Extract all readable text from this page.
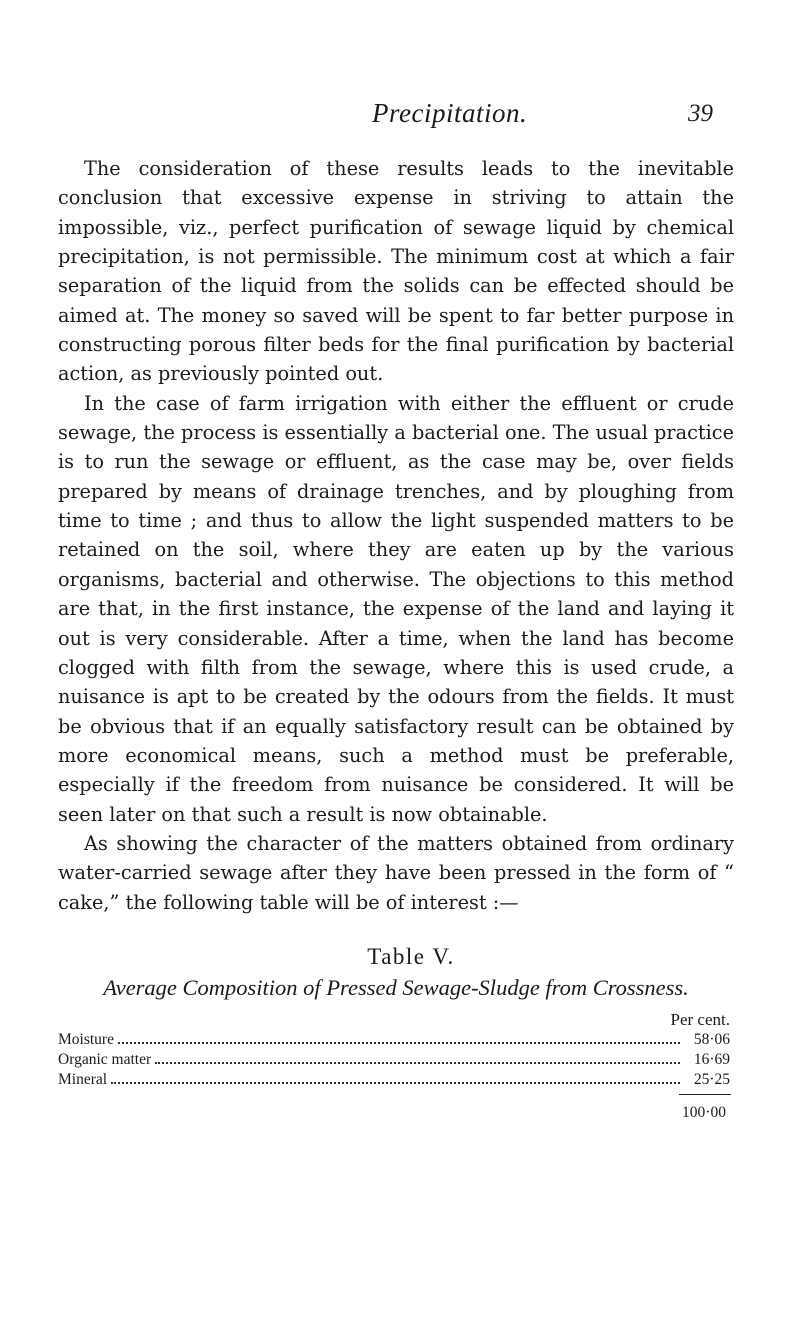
Precipitation.	39

The consideration of these results leads to the inevitable conclusion that excessive expense in striving to attain the impossible, viz., perfect purification of sewage liquid by chemical precipitation, is not permissible. The minimum cost at which a fair separation of the liquid from the solids can be effected should be aimed at. The money so saved will be spent to far better purpose in constructing porous filter beds for the final purification by bacterial action, as previously pointed out.

In the case of farm irrigation with either the effluent or crude sewage, the process is essentially a bacterial one. The usual practice is to run the sewage or effluent, as the case may be, over fields prepared by means of drainage trenches, and by ploughing from time to time ; and thus to allow the light suspended matters to be retained on the soil, where they are eaten up by the various organisms, bacterial and otherwise. The objections to this method are that, in the first instance, the expense of the land and laying it out is very considerable. After a time, when the land has become clogged with filth from the sewage, where this is used crude, a nuisance is apt to be created by the odours from the fields. It must be obvious that if an equally satisfactory result can be obtained by more economical means, such a method must be preferable, especially if the freedom from nuisance be considered. It will be seen later on that such a result is now obtainable.

As showing the character of the matters obtained from ordinary water-carried sewage after they have been pressed in the form of “ cake,” the following table will be of interest :—

Table V.
Average Composition of Pressed Sewage-Sludge from Crossness.
Per cent.
Moisture	58·06
Organic matter	16·69
Mineral	25·25
100·00
